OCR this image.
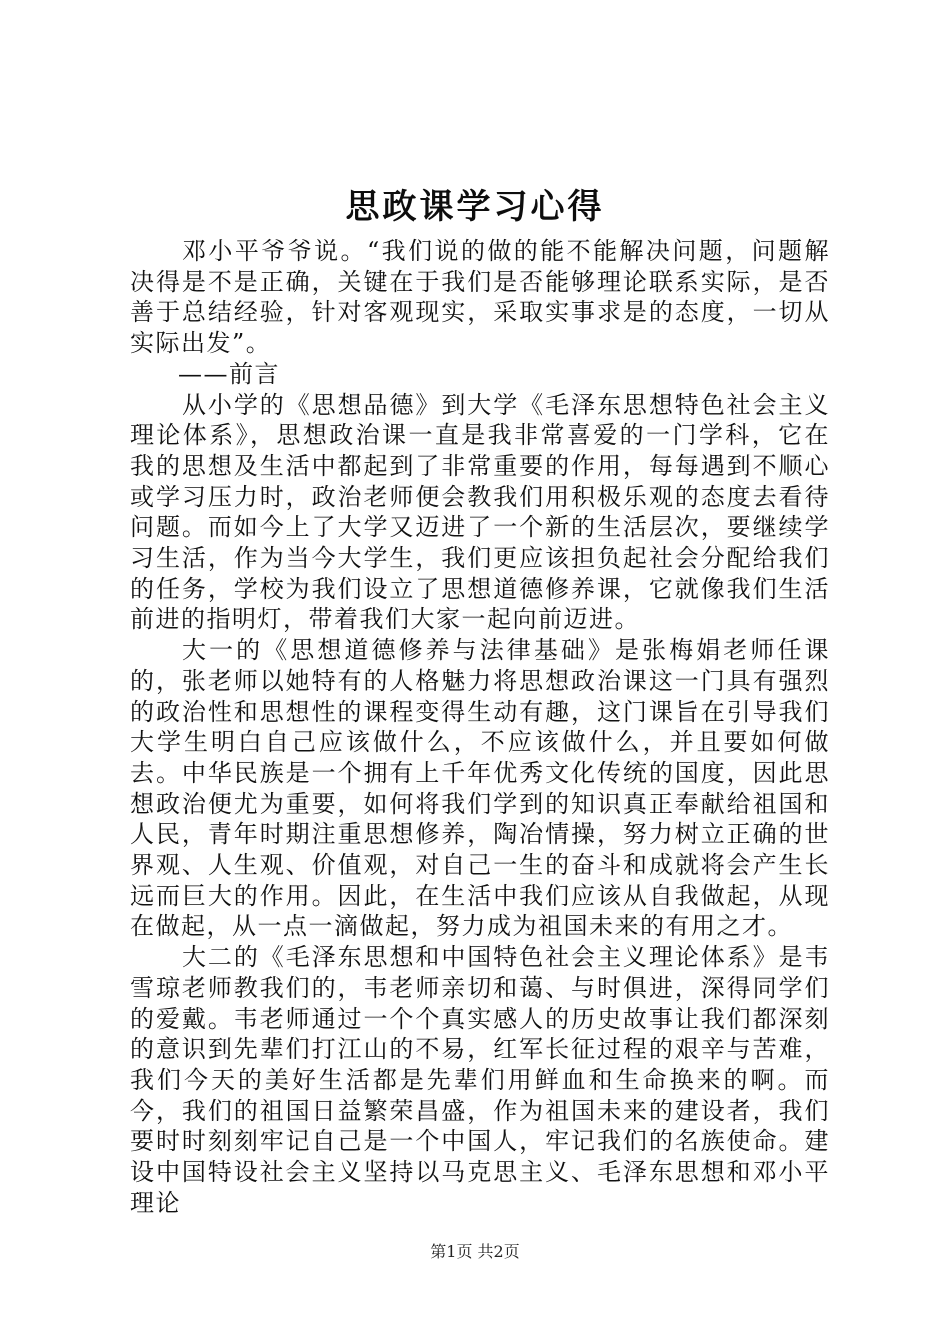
思政课学习心得

邓小平爷爷说。“我们说的做的能不能解决问题，问题解决得是不是正确，关键在于我们是否能够理论联系实际，是否善于总结经验，针对客观现实，采取实事求是的态度，一切从实际出发”。

——前言

从小学的《思想品德》到大学《毛泽东思想特色社会主义理论体系》，思想政治课一直是我非常喜爱的一门学科，它在我的思想及生活中都起到了非常重要的作用，每每遇到不顺心或学习压力时，政治老师便会教我们用积极乐观的态度去看待问题。而如今上了大学又迈进了一个新的生活层次，要继续学习生活，作为当今大学生，我们更应该担负起社会分配给我们的任务，学校为我们设立了思想道德修养课，它就像我们生活前进的指明灯，带着我们大家一起向前迈进。

大一的《思想道德修养与法律基础》是张梅娟老师任课的，张老师以她特有的人格魅力将思想政治课这一门具有强烈的政治性和思想性的课程变得生动有趣，这门课旨在引导我们大学生明白自己应该做什么，不应该做什么，并且要如何做去。中华民族是一个拥有上千年优秀文化传统的国度，因此思想政治便尤为重要，如何将我们学到的知识真正奉献给祖国和人民，青年时期注重思想修养，陶冶情操，努力树立正确的世界观、人生观、价值观，对自己一生的奋斗和成就将会产生长远而巨大的作用。因此，在生活中我们应该从自我做起，从现在做起，从一点一滴做起，努力成为祖国未来的有用之才。

大二的《毛泽东思想和中国特色社会主义理论体系》是韦雪琼老师教我们的，韦老师亲切和蔼、与时俱进，深得同学们的爱戴。韦老师通过一个个真实感人的历史故事让我们都深刻的意识到先辈们打江山的不易，红军长征过程的艰辛与苦难，我们今天的美好生活都是先辈们用鲜血和生命换来的啊。而今，我们的祖国日益繁荣昌盛，作为祖国未来的建设者，我们要时时刻刻牢记自己是一个中国人，牢记我们的名族使命。建设中国特设社会主义坚持以马克思主义、毛泽东思想和邓小平理论

第1页 共2页
